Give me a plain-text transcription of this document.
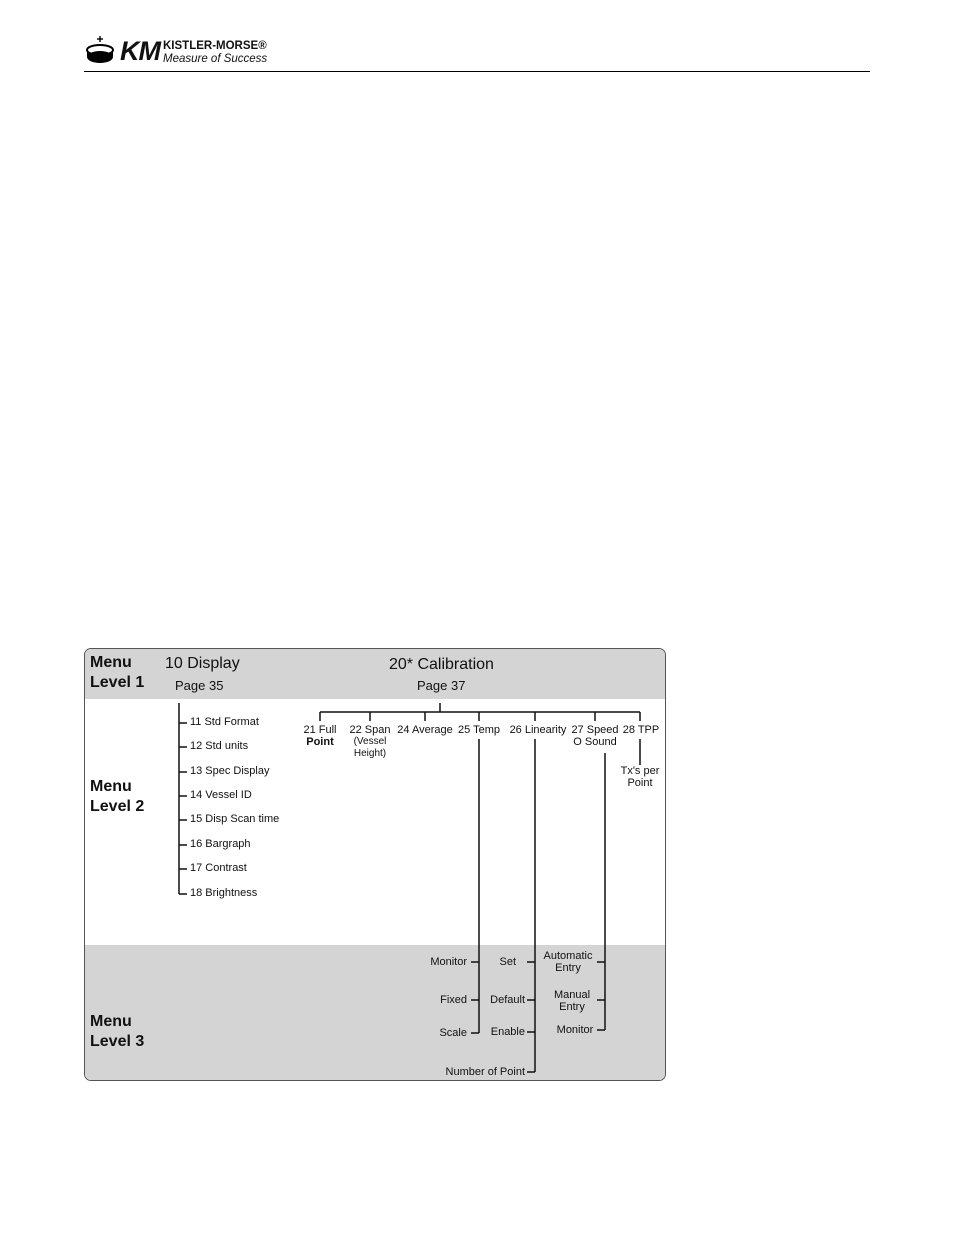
KM KISTLER-MORSE®
Measure of Success
Menu
Level 1
Menu
Level 2
Menu
Level 3
10 Display
Page 35
20* Calibration
Page 37
11 Std Format
12 Std units
13 Spec Display
14 Vessel ID
15 Disp Scan time
16 Bargraph
17 Contrast
18 Brightness
21 Full
Point
22 Span
(Vessel
Height)
24 Average 25 Temp 26 Linearity 27 Speed
O Sound
28 TPP
Tx's per
Point
Monitor
Fixed
Scale
Set
Default
Enable
Number of Point
Automatic
Entry
Manual
Entry
Monitor
